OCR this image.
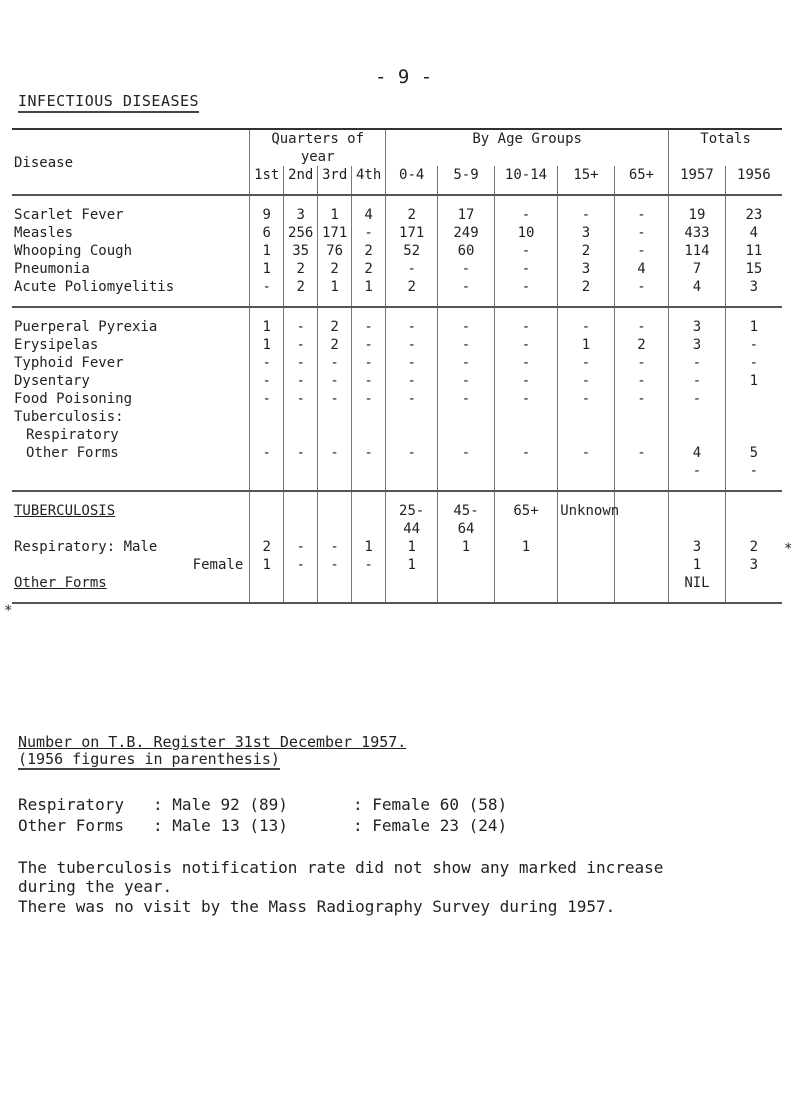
- 9 -
INFECTIOUS DISEASES
*
*
	Quarters of year				By Age Groups					Totals	
Disease	1st	2nd	3rd	4th	0-4	5-9	10-14	15+	65+	1957	1956

Scarlet Fever	9	3	1	4	2	17	-	-	-	19	23
Measles	6	256	171	-	171	249	10	3	-	433	4
Whooping Cough	1	35	76	2	52	60	-	2	-	114	11
Pneumonia	1	2	2	2	-	-	-	3	4	7	15
Acute Poliomyelitis	-	2	1	1	2	-	-	2	-	4	3

Puerperal Pyrexia	1	-	2	-	-	-	-	-	-	3	1
Erysipelas	1	-	2	-	-	-	-	1	2	3	-
Typhoid Fever	-	-	-	-	-	-	-	-	-	-	-
Dysentary	-	-	-	-	-	-	-	-	-	-	1
Food Poisoning	-	-	-	-	-	-	-	-	-	-	
Tuberculosis:											
Respiratory											
Other Forms	-	-	-	-	-	-	-	-	-	4	5
										-	-

TUBERCULOSIS					25-	45-	65+	Unknown			
					44	64					
Respiratory: Male	2	-	-	1	1	1	1			3	2
Female	1	-	-	-	1					1	3
Other Forms										NIL	

Number on T.B. Register 31st December 1957.
(1956 figures in parenthesis)
Respiratory : Male 92 (89)	: Female 60 (58)
Other Forms : Male 13 (13)	: Female 23 (24)
The tuberculosis notification rate did not show any marked increase during the year.
There was no visit by the Mass Radiography Survey during 1957.
